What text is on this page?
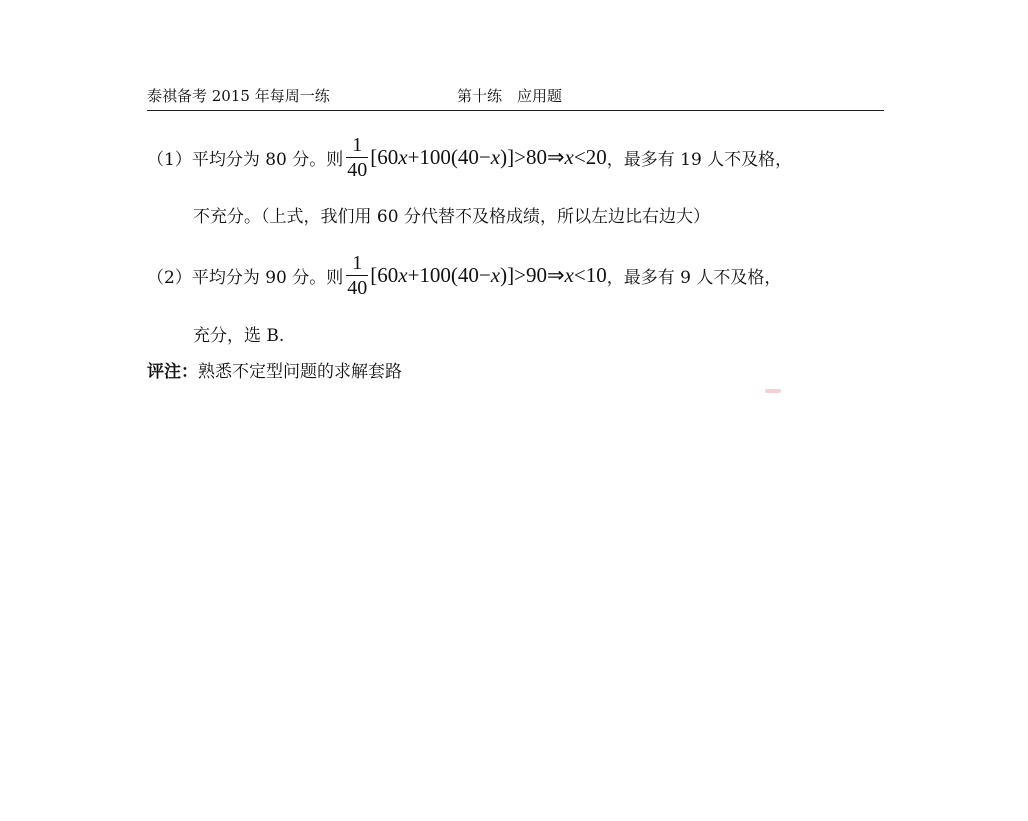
泰祺备考 2015 年每周一练	第十练　应用题
（1）平均分为 80 分。则 $\frac{1}{40}$ [60x+100(40−x)]>80⇒x<20 ，最多有 19 人不及格，
不充分。（上式，我们用 60 分代替不及格成绩，所以左边比右边大）
（2）平均分为 90 分。则 $\frac{1}{40}$ [60x+100(40−x)]>90⇒x<10 ，最多有 9 人不及格，
充分，选 B.
评注： 熟悉不定型问题的求解套路
